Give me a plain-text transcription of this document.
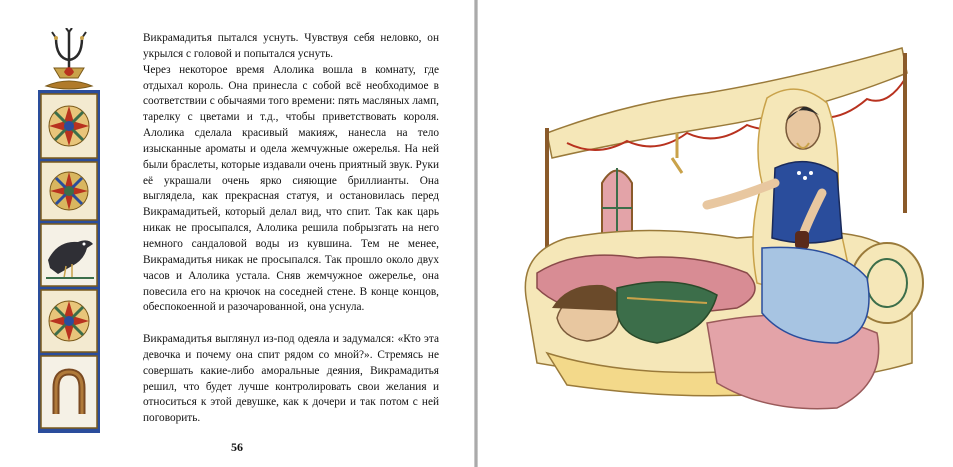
Викрамадитья пытался уснуть. Чувствуя себя неловко, он укрылся с головой и попытался уснуть.

Через некоторое время Алолика вошла в комнату, где отдыхал король. Она принесла с собой всё необходимое в соответствии с обычаями того времени: пять масляных ламп, тарелку с цветами и т.д., чтобы приветствовать короля. Алолика сделала красивый макияж, нанесла на тело изысканные ароматы и одела жемчужные ожерелья. На ней были браслеты, которые издавали очень приятный звук. Руки её украшали очень ярко сияющие бриллианты. Она выглядела, как прекрасная статуя, и остановилась перед Викрамадитьей, который делал вид, что спит. Так как царь никак не просыпался, Алолика решила побрызгать на него немного сандаловой воды из кувшина. Тем не менее, Викрамадитья никак не просыпался. Так прошло около двух часов и Алолика устала. Сняв жемчужное ожерелье, она повесила его на крючок на соседней стене. В конце концов, обеспокоенной и разочарованной, она уснула.

Викрамадитья выглянул из-под одеяла и задумался: «Кто эта девочка и почему она спит рядом со мной?». Стремясь не совершать какие-либо аморальные деяния, Викрамадитья решил, что будет лучше контролировать свои желания и относиться к этой девушке, как к дочери и так потом с ней поговорить.

56
